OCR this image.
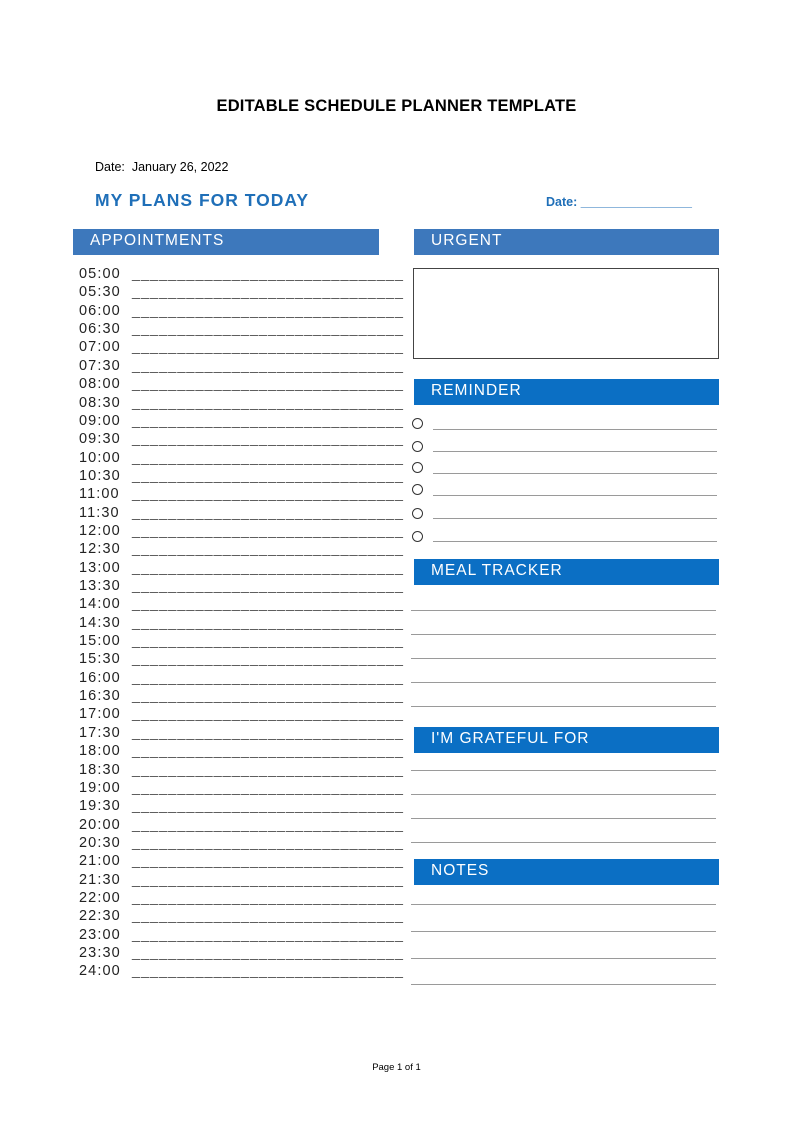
EDITABLE SCHEDULE PLANNER TEMPLATE
Date:  January 26, 2022
MY PLANS FOR TODAY	Date: ________________
APPOINTMENTS	URGENT
REMINDER
MEAL TRACKER
I'M GRATEFUL FOR
NOTES
05:00 ______________________________
05:30 ______________________________
06:00 ______________________________
06:30 ______________________________
07:00 ______________________________
07:30 ______________________________
08:00 ______________________________
08:30 ______________________________
09:00 ______________________________
09:30 ______________________________
10:00 ______________________________
10:30 ______________________________
11:00 ______________________________
11:30 ______________________________
12:00 ______________________________
12:30 ______________________________
13:00 ______________________________
13:30 ______________________________
14:00 ______________________________
14:30 ______________________________
15:00 ______________________________
15:30 ______________________________
16:00 ______________________________
16:30 ______________________________
17:00 ______________________________
17:30 ______________________________
18:00 ______________________________
18:30 ______________________________
19:00 ______________________________
19:30 ______________________________
20:00 ______________________________
20:30 ______________________________
21:00 ______________________________
21:30 ______________________________
22:00 ______________________________
22:30 ______________________________
23:00 ______________________________
23:30 ______________________________
24:00 ______________________________
Page 1 of 1
